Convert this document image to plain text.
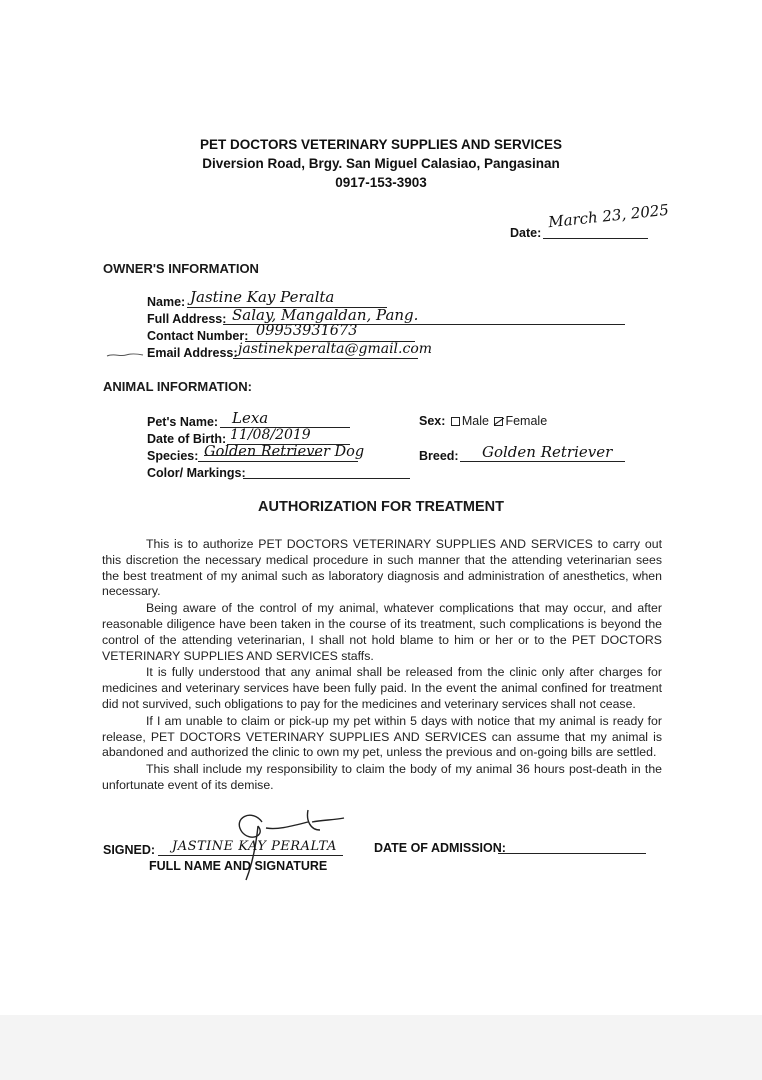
PET DOCTORS VETERINARY SUPPLIES AND SERVICES
Diversion Road, Brgy. San Miguel Calasiao, Pangasinan
0917-153-3903
Date:
March 23, 2025
OWNER'S INFORMATION
Name: Jastine Kay Peralta
Full Address: Salay, Mangaldan, Pang.
Contact Number: 09953931673
Email Address: jastinekperalta@gmail.com
ANIMAL INFORMATION:
Pet's Name: Lexa
Date of Birth: 11/08/2019
Species: Golden Retriever Dog
Color/ Markings:
Sex: Male Female
Breed: Golden Retriever
AUTHORIZATION FOR TREATMENT

This is to authorize PET DOCTORS VETERINARY SUPPLIES AND SERVICES to carry out this discretion the necessary medical procedure in such manner that the attending veterinarian sees the best treatment of my animal such as laboratory diagnosis and administration of anesthetics, when necessary.

Being aware of the control of my animal, whatever complications that may occur, and after reasonable diligence have been taken in the course of its treatment, such complications is beyond the control of the attending veterinarian, I shall not hold blame to him or her or to the PET DOCTORS VETERINARY SUPPLIES AND SERVICES staffs.

It is fully understood that any animal shall be released from the clinic only after charges for medicines and veterinary services have been fully paid. In the event the animal confined for treatment did not survived, such obligations to pay for the medicines and veterinary services shall not cease.

If I am unable to claim or pick-up my pet within 5 days with notice that my animal is ready for release, PET DOCTORS VETERINARY SUPPLIES AND SERVICES can assume that my animal is abandoned and authorized the clinic to own my pet, unless the previous and on-going bills are settled.

This shall include my responsibility to claim the body of my animal 36 hours post-death in the unfortunate event of its demise.

SIGNED: JASTINE KAY PERALTA
FULL NAME AND SIGNATURE
DATE OF ADMISSION:
